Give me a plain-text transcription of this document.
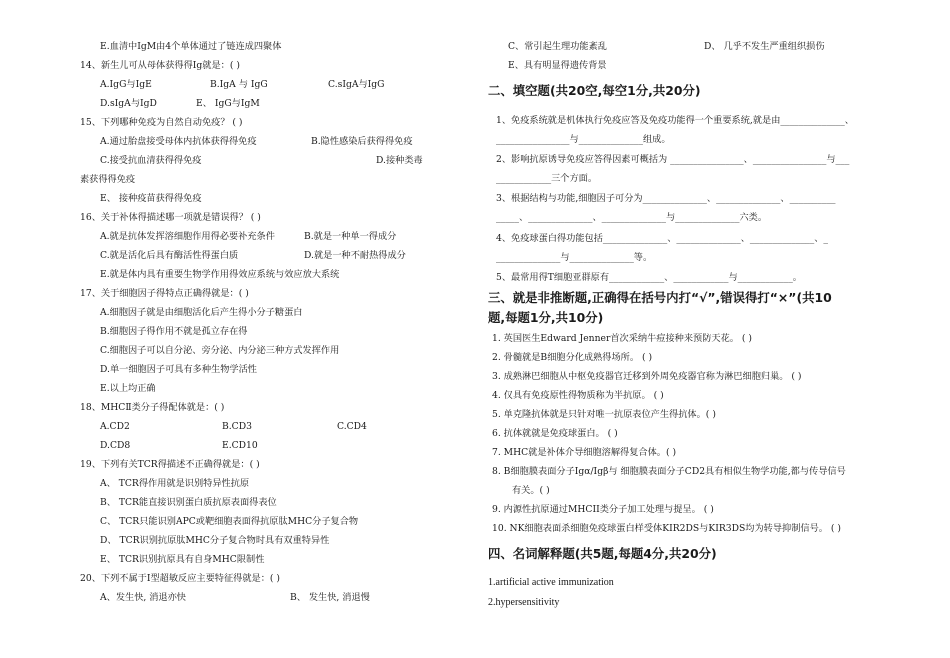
E.血清中IgM由4个单体通过了链连成四聚体
14、新生儿可从母体获得得Ig就是：( )
A.IgG与IgE	B.IgA 与 IgG	C.sIgA与IgG
D.sIgA与IgD	E、 IgG与IgM
15、下列哪种免疫为自然自动免疫？ ( )
A.通过胎盘接受母体内抗体获得得免疫	B.隐性感染后获得得免疫
C.接受抗血清获得得免疫	D.接种类毒
素获得得免疫
E、 接种疫苗获得得免疫
16、关于补体得描述哪一项就是错误得？ ( )
A.就是抗体发挥溶细胞作用得必要补充条件	B.就是一种单一得成分
C.就是活化后具有酶活性得蛋白质	D.就是一种不耐热得成分
E.就是体内具有重要生物学作用得效应系统与效应放大系统
17、关于细胞因子得特点正确得就是：( )
A.细胞因子就是由细胞活化后产生得小分子糖蛋白
B.细胞因子得作用不就是孤立存在得
C.细胞因子可以自分泌、旁分泌、内分泌三种方式发挥作用
D.单一细胞因子可具有多种生物学活性
E.以上均正确
18、MHCⅡ类分子得配体就是：( )
A.CD2	B.CD3	C.CD4
D.CD8	E.CD10
19、下列有关TCR得描述不正确得就是：( )
A、 TCR得作用就是识别特异性抗原
B、 TCR能直接识别蛋白质抗原表面得表位
C、 TCR只能识别APC或靶细胞表面得抗原肽MHC分子复合物
D、 TCR识别抗原肽MHC分子复合物时具有双重特异性
E、 TCR识别抗原具有自身MHC限制性
20、下列不属于Ⅰ型超敏反应主要特征得就是：( )
A、发生快, 消退亦快	B、 发生快, 消退慢
C、常引起生理功能紊乱	D、 几乎不发生严重组织损伤
E、具有明显得遗传背景
二、填空题(共20空,每空1分,共20分)
1、免疫系统就是机体执行免疫应答及免疫功能得一个重要系统,就是由______________、
________________与______________组成。
2、影响抗原诱导免疫应答得因素可概括为 ________________、________________与___
____________三个方面。
3、根据结构与功能,细胞因子可分为______________、______________、__________
_____、______________、______________与______________六类。
4、免疫球蛋白得功能包括______________、______________、______________、_
______________与______________等。
5、最常用得T细胞亚群原有____________、____________与____________。
三、就是非推断题,正确得在括号内打“√”,错误得打“×”(共10
题,每题1分,共10分)
1. 英国医生Edward Jenner首次采纳牛痘接种来预防天花。 ( )
2. 骨髓就是B细胞分化成熟得场所。 ( )
3. 成熟淋巴细胞从中枢免疫器官迁移到外周免疫器官称为淋巴细胞归巢。 ( )
4. 仅具有免疫原性得物质称为半抗原。 ( )
5. 单克隆抗体就是只针对唯一抗原表位产生得抗体。( )
6. 抗体就就是免疫球蛋白。 ( )
7. MHC就是补体介导细胞溶解得复合体。( )
8. B细胞膜表面分子Igα/Igβ与 细胞膜表面分子CD2具有相似生物学功能,都与传导信号
有关。( )
9. 内源性抗原通过MHCII类分子加工处理与提呈。 ( )
10. NK细胞表面杀细胞免疫球蛋白样受体KIR2DS与KIR3DS均为转导抑制信号。 ( )
四、名词解释题(共5题,每题4分,共20分)
1.artificial active immunization
2.hypersensitivity
